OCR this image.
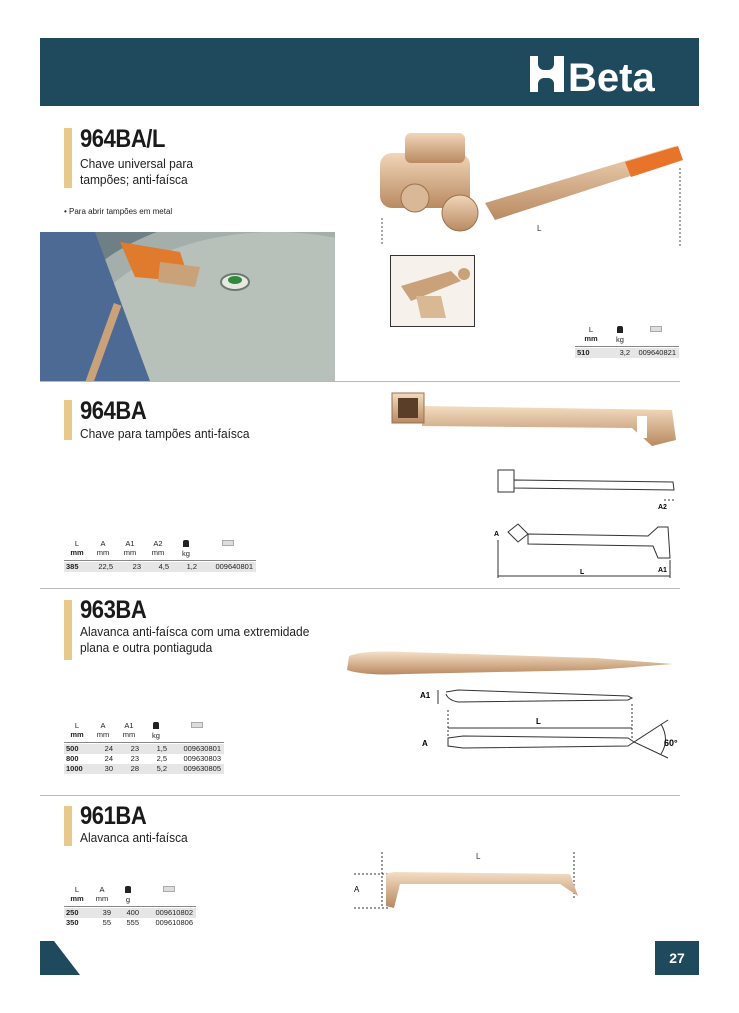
Beta
964BA/L
Chave universal para
tampões; anti-faísca
• Para abrir tampões em metal
L
L
mm	kg
510	3,2	009640821
964BA
Chave para tampões anti-faísca
A2
A
L	A1
L
mm
A
mm
A1
mm
A2
mm	kg
385	22,5	23	4,5	1,2	009640801
963BA
Alavanca anti-faísca com uma extremidade
plana e outra pontiaguda
A1
L
A	60°
L
mm
A
mm
A1
mm	kg
500	24	23	1,5	009630801
800	24	23	2,5	009630803
1000	30	28	5,2	009630805
961BA
Alavanca anti-faísca
A
L
L
mm
A
mm	g
250	39	400	009610802
350	55	555	009610806
27
